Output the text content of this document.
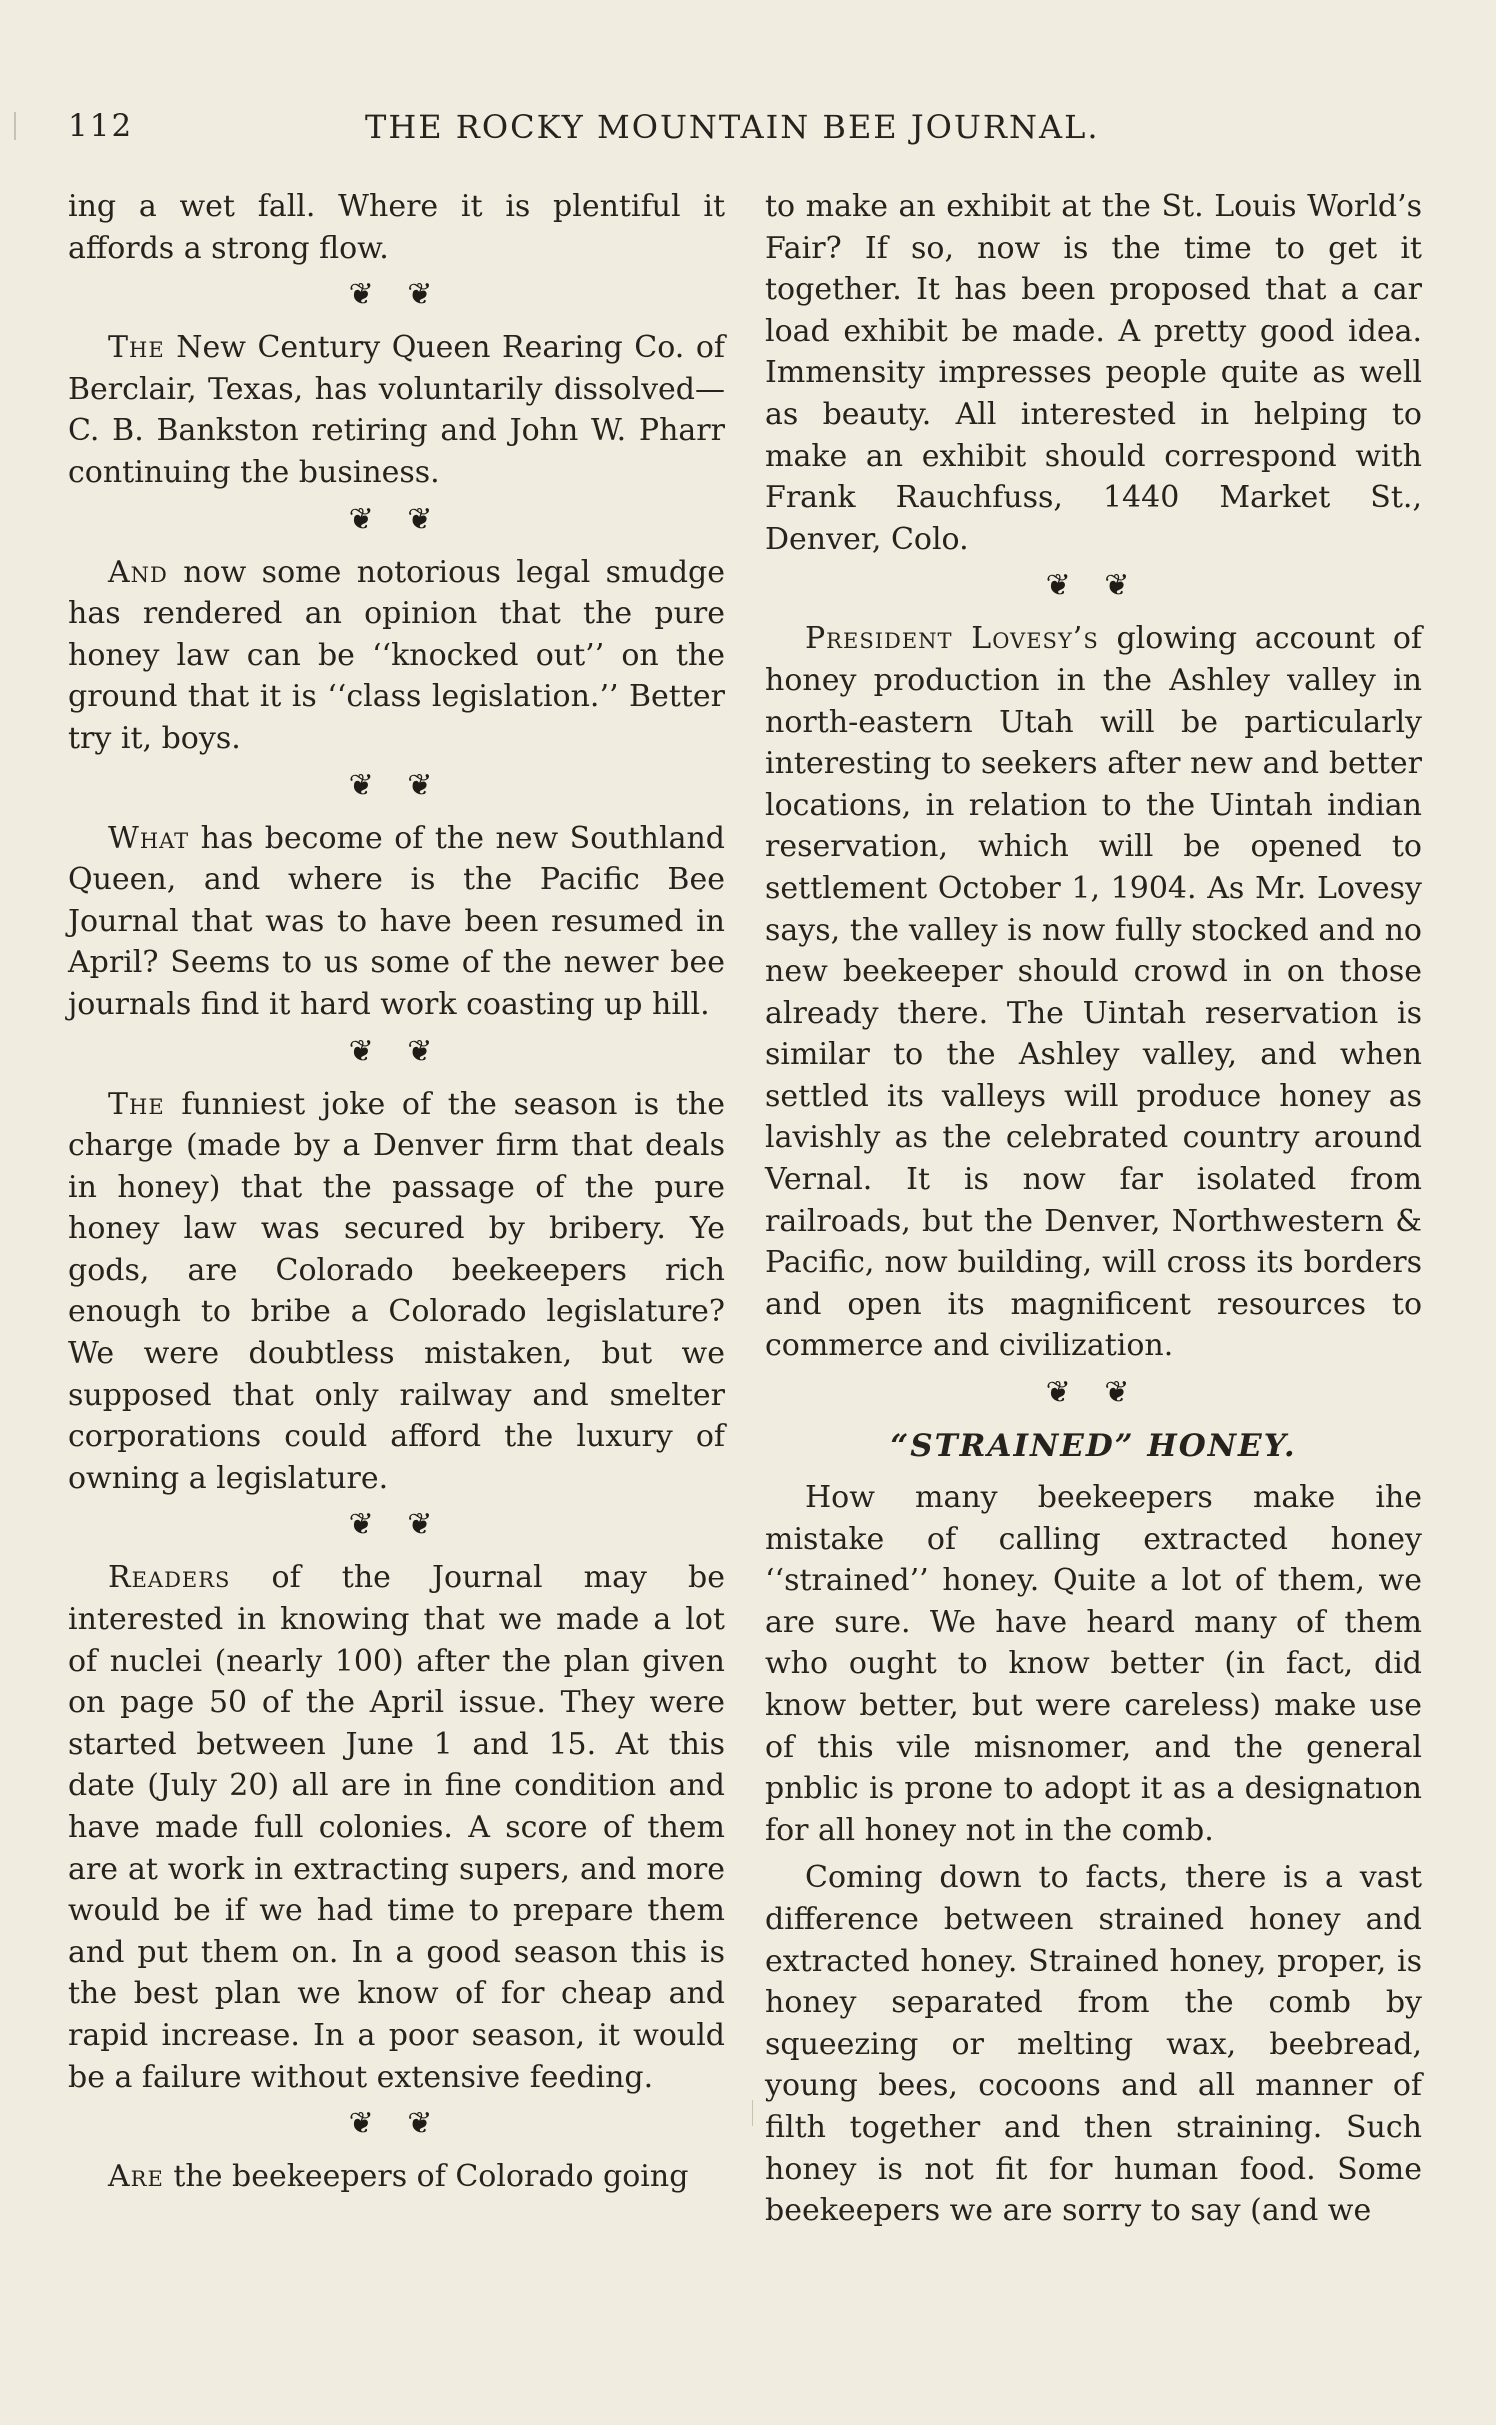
112	THE ROCKY MOUNTAIN BEE JOURNAL.

ing a wet fall. Where it is plentiful it affords a strong flow.

❦ ❦

The New Century Queen Rearing Co. of Berclair, Texas, has voluntarily dissolved—C. B. Bankston retiring and John W. Pharr continuing the business.

❦ ❦

And now some notorious legal smudge has rendered an opinion that the pure honey law can be ‘‘knocked out’’ on the ground that it is ‘‘class legislation.’’ Better try it, boys.

❦ ❦

What has become of the new Southland Queen, and where is the Pacific Bee Journal that was to have been resumed in April? Seems to us some of the newer bee journals find it hard work coasting up hill.

❦ ❦

The funniest joke of the season is the charge (made by a Denver firm that deals in honey) that the passage of the pure honey law was secured by bribery. Ye gods, are Colorado beekeepers rich enough to bribe a Colorado legislature? We were doubtless mistaken, but we supposed that only railway and smelter corporations could afford the luxury of owning a legislature.

❦ ❦

Readers of the Journal may be interested in knowing that we made a lot of nuclei (nearly 100) after the plan given on page 50 of the April issue. They were started between June 1 and 15. At this date (July 20) all are in fine condition and have made full colonies. A score of them are at work in extracting supers, and more would be if we had time to prepare them and put them on. In a good season this is the best plan we know of for cheap and rapid increase. In a poor season, it would be a failure without extensive feeding.

❦ ❦

Are the beekeepers of Colorado going

to make an exhibit at the St. Louis World’s Fair? If so, now is the time to get it together. It has been proposed that a car load exhibit be made. A pretty good idea. Immensity impresses people quite as well as beauty. All interested in helping to make an exhibit should correspond with Frank Rauchfuss, 1440 Market St., Denver, Colo.

❦ ❦

President Lovesy’s glowing account of honey production in the Ashley valley in north-eastern Utah will be particularly interesting to seekers after new and better locations, in relation to the Uintah indian reservation, which will be opened to settlement October 1, 1904. As Mr. Lovesy says, the valley is now fully stocked and no new beekeeper should crowd in on those already there. The Uintah reservation is similar to the Ashley valley, and when settled its valleys will produce honey as lavishly as the celebrated country around Vernal. It is now far isolated from railroads, but the Denver, Northwestern & Pacific, now building, will cross its borders and open its magnificent resources to commerce and civilization.

❦ ❦
“STRAINED” HONEY.

How many beekeepers make ihe mistake of calling extracted honey ‘‘strained’’ honey. Quite a lot of them, we are sure. We have heard many of them who ought to know better (in fact, did know better, but were careless) make use of this vile misnomer, and the general pnblic is prone to adopt it as a designatıon for all honey not in the comb.

Coming down to facts, there is a vast difference between strained honey and extracted honey. Strained honey, proper, is honey separated from the comb by squeezing or melting wax, beebread, young bees, cocoons and all manner of filth together and then straining. Such honey is not fit for human food. Some beekeepers we are sorry to say (and we
